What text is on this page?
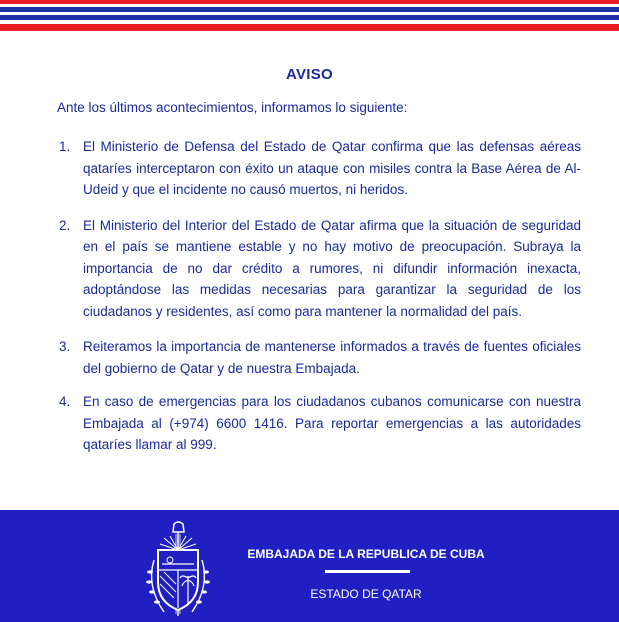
AVISO
Ante los últimos acontecimientos, informamos lo siguiente:
1. El Ministerio de Defensa del Estado de Qatar confirma que las defensas aéreas qataríes interceptaron con éxito un ataque con misiles contra la Base Aérea de Al-Udeid y que el incidente no causó muertos, ni heridos.
2. El Ministerio del Interior del Estado de Qatar afirma que la situación de seguridad en el país se mantiene estable y no hay motivo de preocupación. Subraya la importancia de no dar crédito a rumores, ni difundir información inexacta, adoptándose las medidas necesarias para garantizar la seguridad de los ciudadanos y residentes, así como para mantener la normalidad del país.
3. Reiteramos la importancia de mantenerse informados a través de fuentes oficiales del gobierno de Qatar y de nuestra Embajada.
4. En caso de emergencias para los ciudadanos cubanos comunicarse con nuestra Embajada al (+974) 6600 1416. Para reportar emergencias a las autoridades qataríes llamar al 999.
EMBAJADA DE LA REPUBLICA DE CUBA
ESTADO DE QATAR
